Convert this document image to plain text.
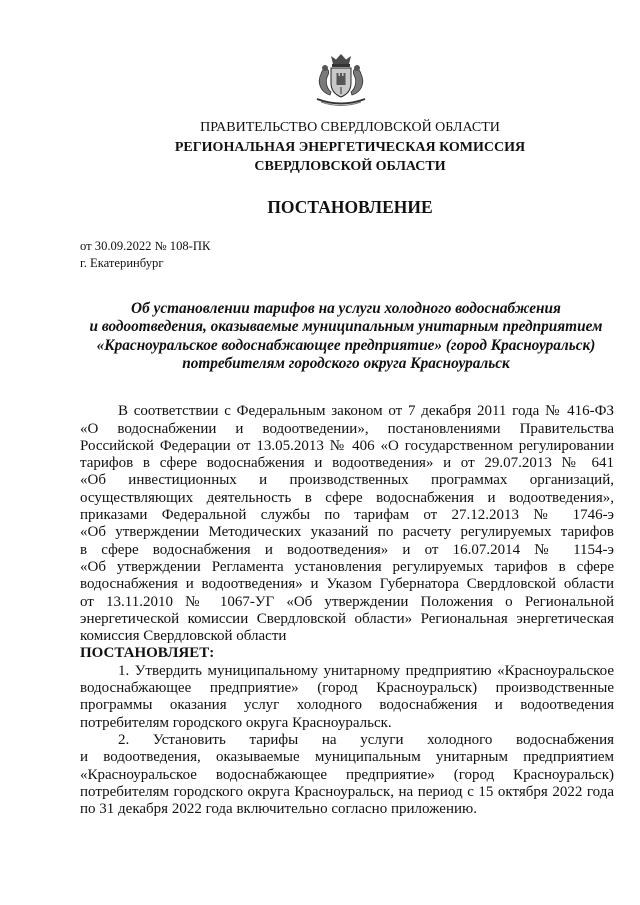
ПРАВИТЕЛЬСТВО СВЕРДЛОВСКОЙ ОБЛАСТИ
РЕГИОНАЛЬНАЯ ЭНЕРГЕТИЧЕСКАЯ КОМИССИЯ
СВЕРДЛОВСКОЙ ОБЛАСТИ
ПОСТАНОВЛЕНИЕ
от 30.09.2022 № 108-ПК
г. Екатеринбург
Об установлении тарифов на услуги холодного водоснабжения
и водоотведения, оказываемые муниципальным унитарным предприятием
«Красноуральское водоснабжающее предприятие» (город Красноуральск)
потребителям городского округа Красноуральск
В соответствии с Федеральным законом от 7 декабря 2011 года № 416-ФЗ
«О водоснабжении и водоотведении», постановлениями Правительства
Российской Федерации от 13.05.2013 № 406 «О государственном регулировании
тарифов в сфере водоснабжения и водоотведения» и от 29.07.2013 № 641
«Об инвестиционных и производственных программах организаций,
осуществляющих деятельность в сфере водоснабжения и водоотведения»,
приказами Федеральной службы по тарифам от 27.12.2013 № 1746-э
«Об утверждении Методических указаний по расчету регулируемых тарифов
в сфере водоснабжения и водоотведения» и от 16.07.2014 № 1154-э
«Об утверждении Регламента установления регулируемых тарифов в сфере
водоснабжения и водоотведения» и Указом Губернатора Свердловской области
от 13.11.2010 № 1067-УГ «Об утверждении Положения о Региональной
энергетической комиссии Свердловской области» Региональная энергетическая
комиссия Свердловской области
ПОСТАНОВЛЯЕТ:
1. Утвердить муниципальному унитарному предприятию «Красноуральское
водоснабжающее предприятие» (город Красноуральск) производственные
программы оказания услуг холодного водоснабжения и водоотведения
потребителям городского округа Красноуральск.
2. Установить тарифы на услуги холодного водоснабжения
и водоотведения, оказываемые муниципальным унитарным предприятием
«Красноуральское водоснабжающее предприятие» (город Красноуральск)
потребителям городского округа Красноуральск, на период с 15 октября 2022 года
по 31 декабря 2022 года включительно согласно приложению.
